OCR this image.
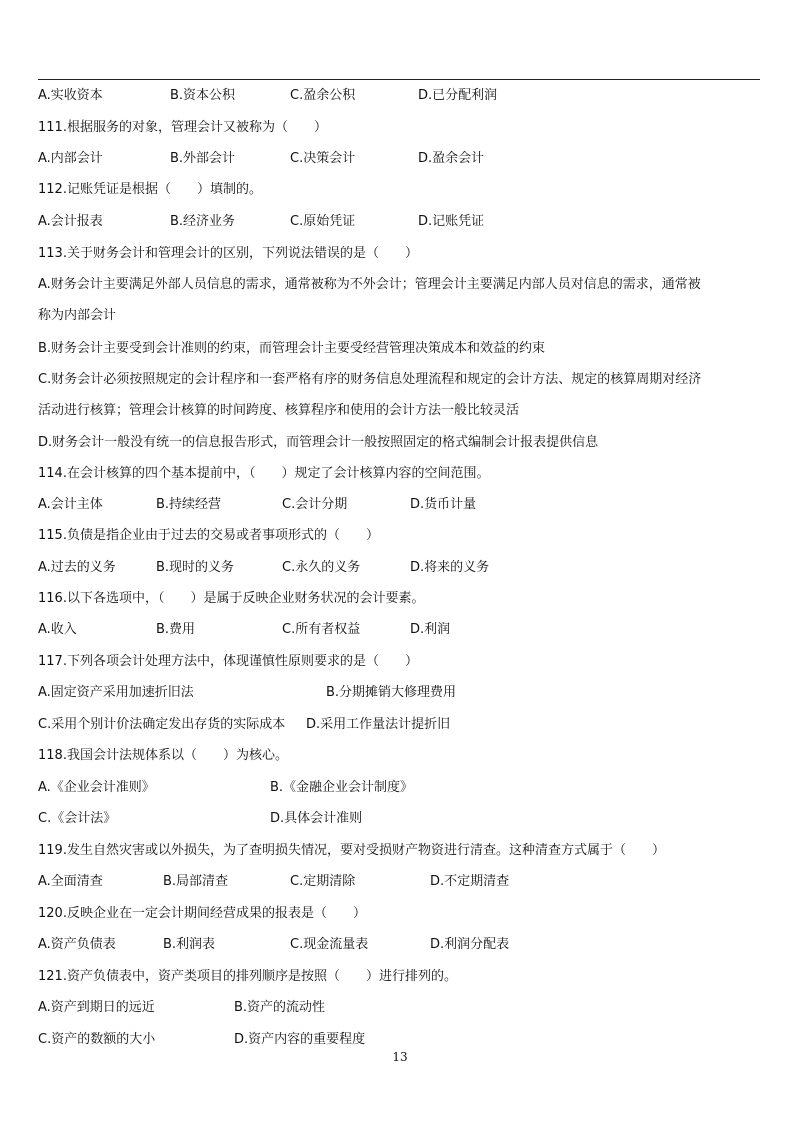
A.实收资本	B.资本公积	C.盈余公积	D.已分配利润
111.根据服务的对象，管理会计又被称为（　　）
A.内部会计	B.外部会计	C.决策会计	D.盈余会计
112.记账凭证是根据（　　）填制的。
A.会计报表	B.经济业务	C.原始凭证	D.记账凭证
113.关于财务会计和管理会计的区别，下列说法错误的是（　　）
A.财务会计主要满足外部人员信息的需求，通常被称为不外会计；管理会计主要满足内部人员对信息的需求，通常被
称为内部会计
B.财务会计主要受到会计准则的约束，而管理会计主要受经营管理决策成本和效益的约束
C.财务会计必须按照规定的会计程序和一套严格有序的财务信息处理流程和规定的会计方法、规定的核算周期对经济
活动进行核算；管理会计核算的时间跨度、核算程序和使用的会计方法一般比较灵活
D.财务会计一般没有统一的信息报告形式，而管理会计一般按照固定的格式编制会计报表提供信息
114.在会计核算的四个基本提前中，（　　）规定了会计核算内容的空间范围。
A.会计主体	B.持续经营	C.会计分期	D.货币计量
115.负债是指企业由于过去的交易或者事项形式的（　　）
A.过去的义务	B.现时的义务	C.永久的义务	D.将来的义务
116.以下各选项中，（　　）是属于反映企业财务状况的会计要素。
A.收入	B.费用	C.所有者权益	D.利润
117.下列各项会计处理方法中，体现谨慎性原则要求的是（　　）
A.固定资产采用加速折旧法	B.分期摊销大修理费用
C.采用个别计价法确定发出存货的实际成本 D.采用工作量法计提折旧
118.我国会计法规体系以（　　）为核心。
A.《企业会计准则》	B.《金融企业会计制度》
C.《会计法》	D.具体会计准则
119.发生自然灾害或以外损失，为了查明损失情况，要对受损财产物资进行清查。这种清查方式属于（　　）
A.全面清查	B.局部清查	C.定期清除	D.不定期清查
120.反映企业在一定会计期间经营成果的报表是（　　）
A.资产负债表	B.利润表	C.现金流量表	D.利润分配表
121.资产负债表中，资产类项目的排列顺序是按照（　　）进行排列的。
A.资产到期日的远近	B.资产的流动性
C.资产的数额的大小	D.资产内容的重要程度
13
